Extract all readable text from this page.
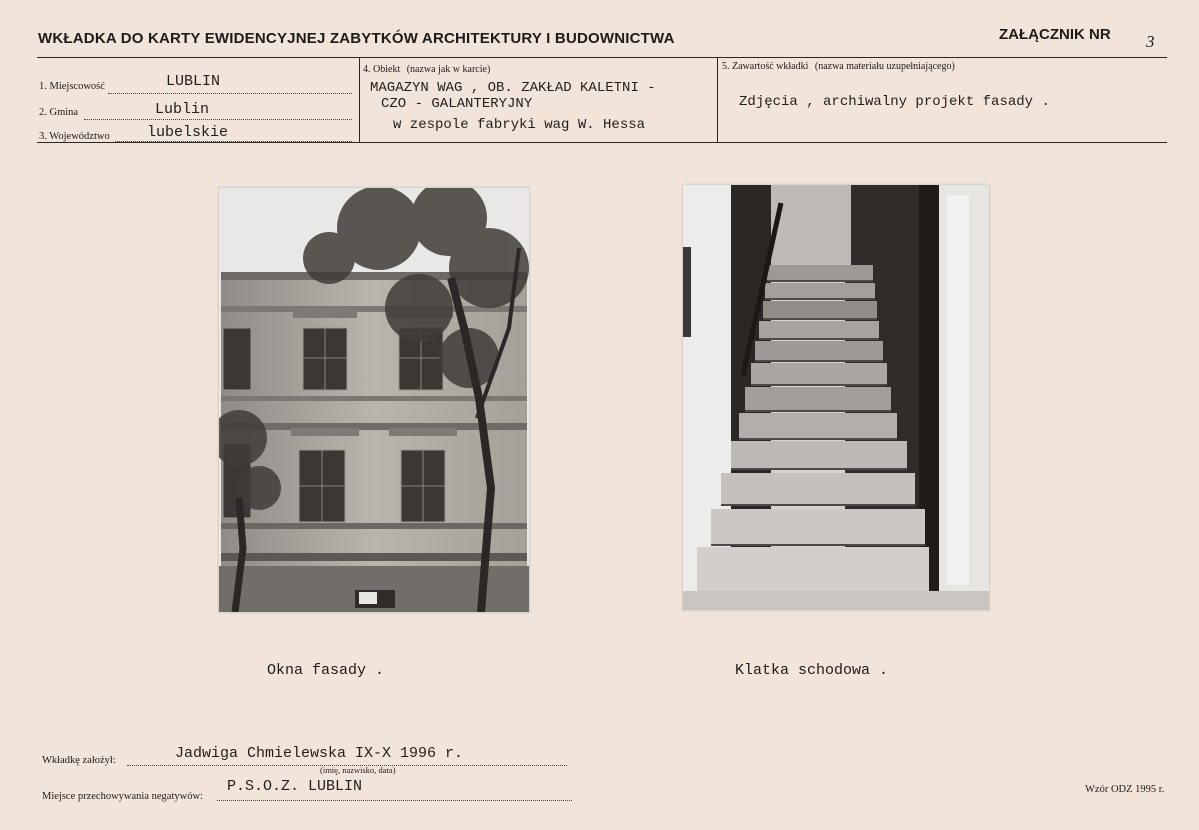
WKŁADKA DO KARTY EWIDENCYJNEJ ZABYTKÓW ARCHITEKTURY I BUDOWNICTWA	ZAŁĄCZNIK NR 3
1. Miejscowość	LUBLIN
2. Gmina	Lublin
3. Województwo lubelskie
4. Obiekt (nazwa jak w karcie)
MAGAZYN WAG , OB. ZAKŁAD KALETNI -
CZO - GALANTERYJNY
w zespole fabryki wag W. Hessa
5. Zawartość wkładki (nazwa materiału uzupełniającego)
Zdjęcia , archiwalny projekt fasady .
Okna fasady .	Klatka schodowa .
Wkładkę założył:	Jadwiga Chmielewska IX-X 1996 r.
(imię, nazwisko, data)
Miejsce przechowywania negatywów:
P.S.O.Z. LUBLIN	Wzór ODZ 1995 r.
